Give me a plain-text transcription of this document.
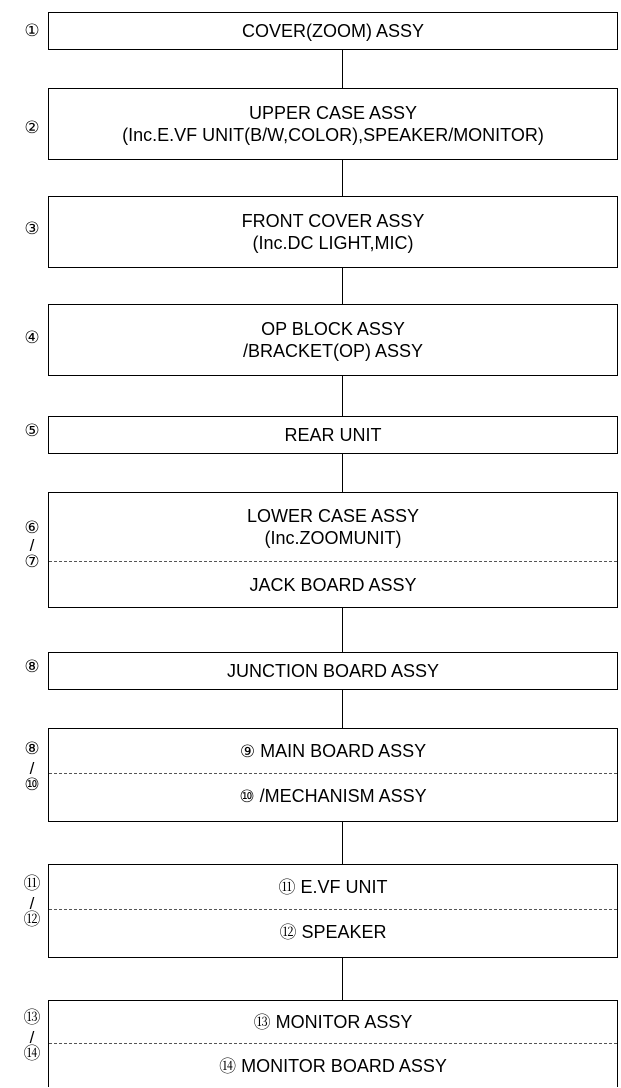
①	COVER(ZOOM) ASSY
②
UPPER CASE ASSY
(Inc.E.VF UNIT(B/W,COLOR),SPEAKER/MONITOR)
③	FRONT COVER ASSY
(Inc.DC LIGHT,MIC)
④	OP BLOCK ASSY
/BRACKET(OP) ASSY
⑤	REAR UNIT
⑥
/
⑦
LOWER CASE ASSY
(Inc.ZOOMUNIT)
JACK BOARD ASSY
⑧	JUNCTION BOARD ASSY
⑧
/
⑩
⑨ MAIN BOARD ASSY
⑩ /MECHANISM ASSY
⑪
/
⑫
⑪ E.VF UNIT
⑫ SPEAKER
⑬
/
⑭
⑬ MONITOR ASSY
⑭ MONITOR BOARD ASSY
